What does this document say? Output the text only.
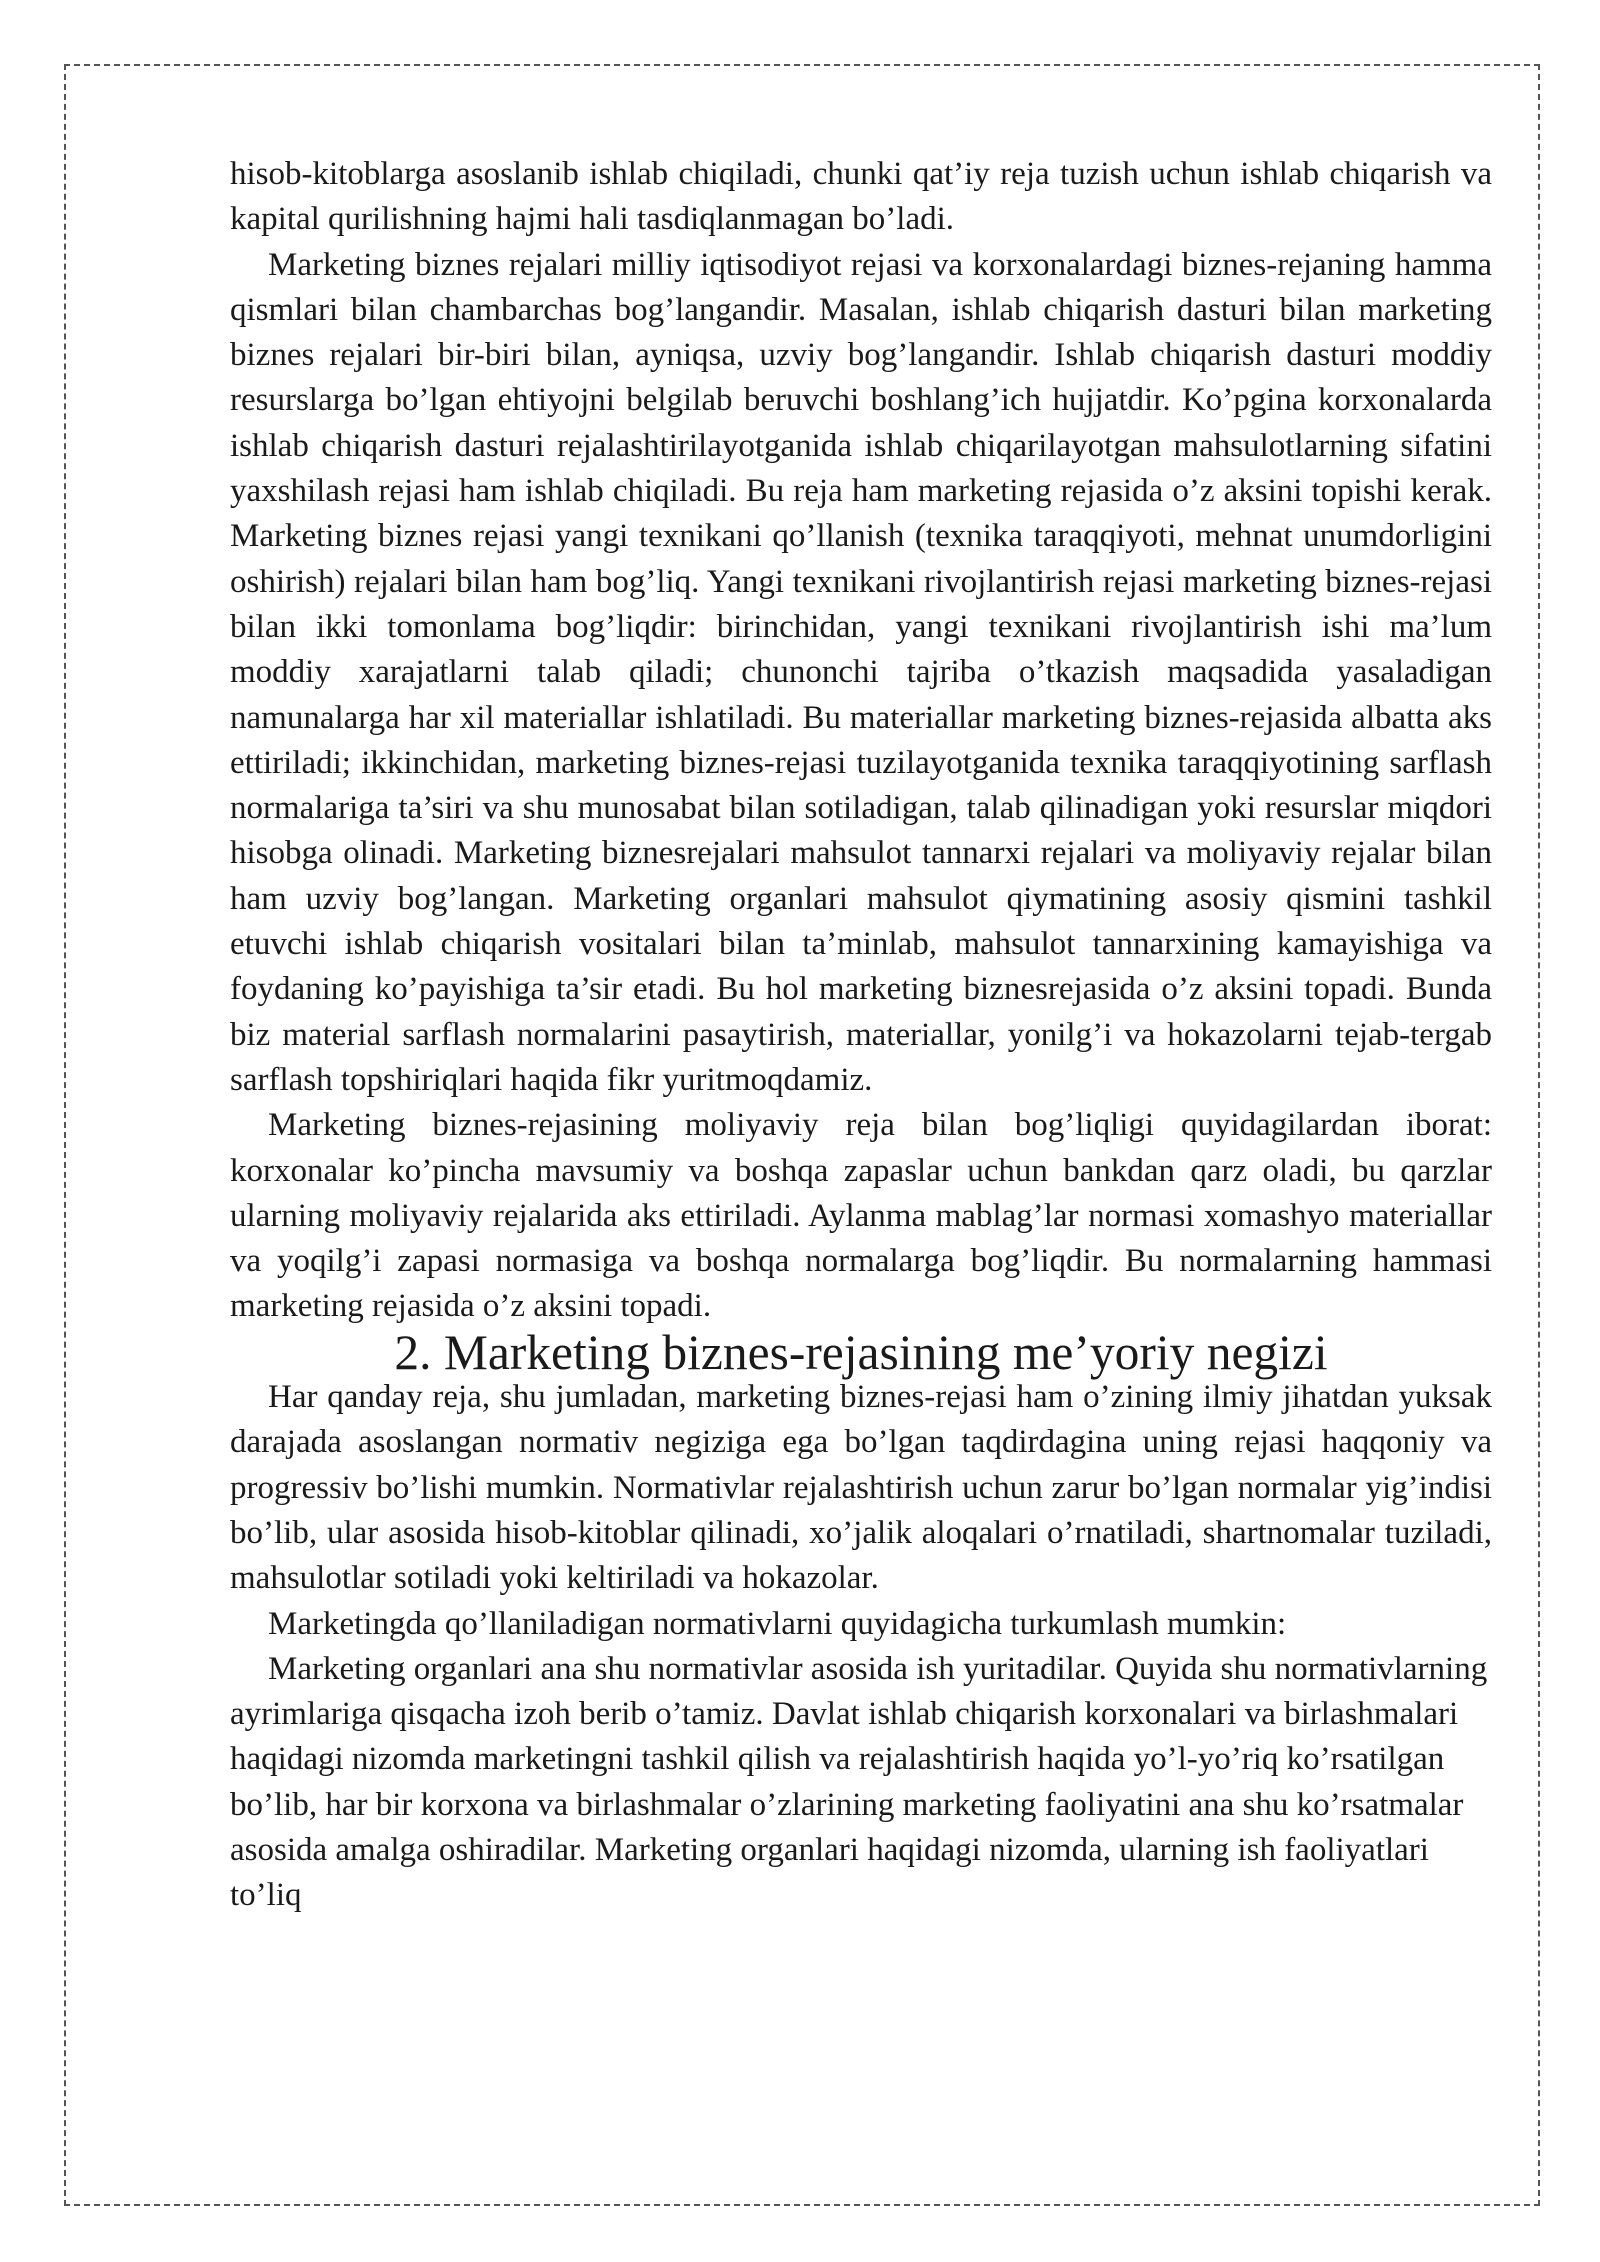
hisob-kitoblarga asoslanib ishlab chiqiladi, chunki qat’iy reja tuzish uchun ishlab chiqarish va kapital qurilishning hajmi hali tasdiqlanmagan bo’ladi.

Marketing biznes rejalari milliy iqtisodiyot rejasi va korxonalardagi biznes-rejaning hamma qismlari bilan chambarchas bog’langandir. Masalan, ishlab chiqarish dasturi bilan marketing biznes rejalari bir-biri bilan, ayniqsa, uzviy bog’langandir. Ishlab chiqarish dasturi moddiy resurslarga bo’lgan ehtiyojni belgilab beruvchi boshlang’ich hujjatdir. Ko’pgina korxonalarda ishlab chiqarish dasturi rejalashtirilayotganida ishlab chiqarilayotgan mahsulotlarning sifatini yaxshilash rejasi ham ishlab chiqiladi. Bu reja ham marketing rejasida o’z aksini topishi kerak. Marketing biznes rejasi yangi texnikani qo’llanish (texnika taraqqiyoti, mehnat unumdorligini oshirish) rejalari bilan ham bog’liq. Yangi texnikani rivojlantirish rejasi marketing biznes-rejasi bilan ikki tomonlama bog’liqdir: birinchidan, yangi texnikani rivojlantirish ishi ma’lum moddiy xarajatlarni talab qiladi; chunonchi tajriba o’tkazish maqsadida yasaladigan namunalarga har xil materiallar ishlatiladi. Bu materiallar marketing biznes-rejasida albatta aks ettiriladi; ikkinchidan, marketing biznes-rejasi tuzilayotganida texnika taraqqiyotining sarflash normalariga ta’siri va shu munosabat bilan sotiladigan, talab qilinadigan yoki resurslar miqdori hisobga olinadi. Marketing biznesrejalari mahsulot tannarxi rejalari va moliyaviy rejalar bilan ham uzviy bog’langan. Marketing organlari mahsulot qiymatining asosiy qismini tashkil etuvchi ishlab chiqarish vositalari bilan ta’minlab, mahsulot tannarxining kamayishiga va foydaning ko’payishiga ta’sir etadi. Bu hol marketing biznesrejasida o’z aksini topadi. Bunda biz material sarflash normalarini pasaytirish, materiallar, yonilg’i va hokazolarni tejab-tergab sarflash topshiriqlari haqida fikr yuritmoqdamiz.

Marketing biznes-rejasining moliyaviy reja bilan bog’liqligi quyidagilardan iborat: korxonalar ko’pincha mavsumiy va boshqa zapaslar uchun bankdan qarz oladi, bu qarzlar ularning moliyaviy rejalarida aks ettiriladi. Aylanma mablag’lar normasi xomashyo materiallar va yoqilg’i zapasi normasiga va boshqa normalarga bog’liqdir. Bu normalarning hammasi marketing rejasida o’z aksini topadi.

2. Marketing biznes-rejasining me’yoriy negizi

Har qanday reja, shu jumladan, marketing biznes-rejasi ham o’zining ilmiy jihatdan yuksak darajada asoslangan normativ negiziga ega bo’lgan taqdirdagina uning rejasi haqqoniy va progressiv bo’lishi mumkin. Normativlar rejalashtirish uchun zarur bo’lgan normalar yig’indisi bo’lib, ular asosida hisob-kitoblar qilinadi, xo’jalik aloqalari o’rnatiladi, shartnomalar tuziladi, mahsulotlar sotiladi yoki keltiriladi va hokazolar.

Marketingda qo’llaniladigan normativlarni quyidagicha turkumlash mumkin:

Marketing organlari ana shu normativlar asosida ish yuritadilar. Quyida shu normativlarning ayrimlariga qisqacha izoh berib o’tamiz. Davlat ishlab chiqarish korxonalari va birlashmalari haqidagi nizomda marketingni tashkil qilish va rejalashtirish haqida yo’l-yo’riq ko’rsatilgan bo’lib, har bir korxona va birlashmalar o’zlarining marketing faoliyatini ana shu ko’rsatmalar asosida amalga oshiradilar. Marketing organlari haqidagi nizomda, ularning ish faoliyatlari to’liq
